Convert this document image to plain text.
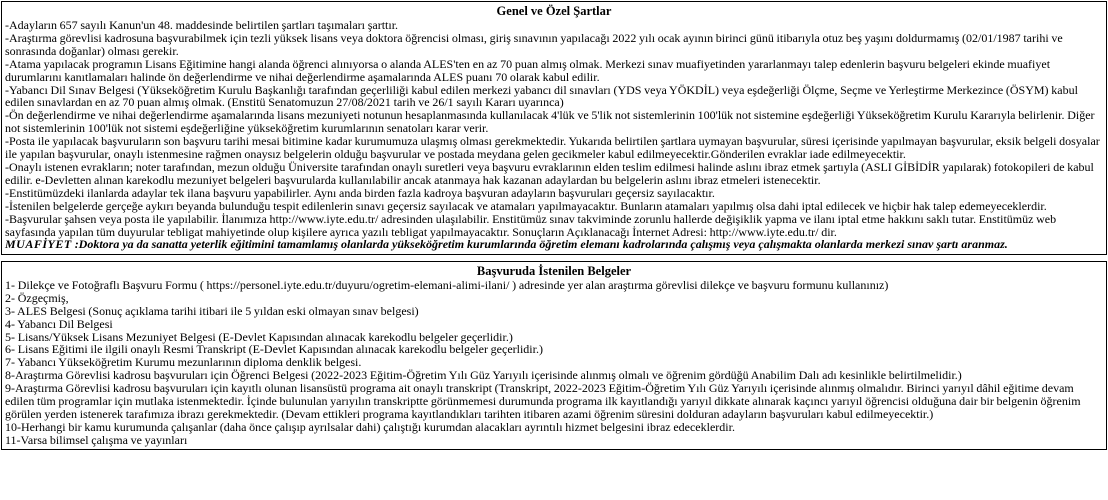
Genel ve Özel Şartlar

-Adayların 657 sayılı Kanun'un 48. maddesinde belirtilen şartları taşımaları şarttır.

-Araştırma görevlisi kadrosuna başvurabilmek için tezli yüksek lisans veya doktora öğrencisi olması, giriş sınavının yapılacağı 2022 yılı ocak ayının birinci günü itibarıyla otuz beş yaşını doldurmamış (02/01/1987 tarihi ve sonrasında doğanlar) olması gerekir.

-Atama yapılacak programın Lisans Eğitimine hangi alanda öğrenci alınıyorsa o alanda ALES'ten en az 70 puan almış olmak. Merkezi sınav muafiyetinden yararlanmayı talep edenlerin başvuru belgeleri ekinde muafiyet durumlarını kanıtlamaları halinde ön değerlendirme ve nihai değerlendirme aşamalarında ALES puanı 70 olarak kabul edilir.

-Yabancı Dil Sınav Belgesi (Yükseköğretim Kurulu Başkanlığı tarafından geçerliliği kabul edilen merkezi yabancı dil sınavları (YDS veya YÖKDİL) veya eşdeğerliği Ölçme, Seçme ve Yerleştirme Merkezince (ÖSYM) kabul edilen sınavlardan en az 70 puan almış olmak. (Enstitü Senatomuzun 27/08/2021 tarih ve 26/1 sayılı Kararı uyarınca)

-Ön değerlendirme ve nihai değerlendirme aşamalarında lisans mezuniyeti notunun hesaplanmasında kullanılacak 4'lük ve 5'lik not sistemlerinin 100'lük not sistemine eşdeğerliği Yükseköğretim Kurulu Kararıyla belirlenir. Diğer not sistemlerinin 100'lük not sistemi eşdeğerliğine yükseköğretim kurumlarının senatoları karar verir.

-Posta ile yapılacak başvuruların son başvuru tarihi mesai bitimine kadar kurumumuza ulaşmış olması gerekmektedir. Yukarıda belirtilen şartlara uymayan başvurular, süresi içerisinde yapılmayan başvurular, eksik belgeli dosyalar ile yapılan başvurular, onaylı istenmesine rağmen onaysız belgelerin olduğu başvurular ve postada meydana gelen gecikmeler kabul edilmeyecektir.Gönderilen evraklar iade edilmeyecektir.

-Onaylı istenen evrakların; noter tarafından, mezun olduğu Üniversite tarafından onaylı suretleri veya başvuru evraklarının elden teslim edilmesi halinde aslını ibraz etmek şartıyla (ASLI GİBİDİR yapılarak) fotokopileri de kabul edilir. e-Devletten alınan karekodlu mezuniyet belgeleri başvurularda kullanılabilir ancak atanmaya hak kazanan adaylardan bu belgelerin aslını ibraz etmeleri istenecektir.

-Enstitümüzdeki ilanlarda adaylar tek ilana başvuru yapabilirler. Aynı anda birden fazla kadroya başvuran adayların başvuruları geçersiz sayılacaktır.

-İstenilen belgelerde gerçeğe aykırı beyanda bulunduğu tespit edilenlerin sınavı geçersiz sayılacak ve atamaları yapılmayacaktır. Bunların atamaları yapılmış olsa dahi iptal edilecek ve hiçbir hak talep edemeyeceklerdir.

-Başvurular şahsen veya posta ile yapılabilir. İlanımıza http://www.iyte.edu.tr/ adresinden ulaşılabilir. Enstitümüz sınav takviminde zorunlu hallerde değişiklik yapma ve ilanı iptal etme hakkını saklı tutar. Enstitümüz web sayfasında yapılan tüm duyurular tebligat mahiyetinde olup kişilere ayrıca yazılı tebligat yapılmayacaktır. Sonuçların Açıklanacağı İnternet Adresi: http://www.iyte.edu.tr/ dir.

MUAFİYET :Doktora ya da sanatta yeterlik eğitimini tamamlamış olanlarda yükseköğretim kurumlarında öğretim elemanı kadrolarında çalışmış veya çalışmakta olanlarda merkezi sınav şartı aranmaz.

Başvuruda İstenilen Belgeler

1- Dilekçe ve Fotoğraflı Başvuru Formu ( https://personel.iyte.edu.tr/duyuru/ogretim-elemani-alimi-ilani/ ) adresinde yer alan araştırma görevlisi dilekçe ve başvuru formunu kullanınız)

2- Özgeçmiş,

3- ALES Belgesi (Sonuç açıklama tarihi itibari ile 5 yıldan eski olmayan sınav belgesi)

4- Yabancı Dil Belgesi

5- Lisans/Yüksek Lisans Mezuniyet Belgesi (E-Devlet Kapısından alınacak karekodlu belgeler geçerlidir.)

6- Lisans Eğitimi ile ilgili onaylı Resmi Transkript (E-Devlet Kapısından alınacak karekodlu belgeler geçerlidir.)

7- Yabancı Yükseköğretim Kurumu mezunlarının diploma denklik belgesi.

8-Araştırma Görevlisi kadrosu başvuruları için Öğrenci Belgesi (2022-2023 Eğitim-Öğretim Yılı Güz Yarıyılı içerisinde alınmış olmalı ve öğrenim gördüğü Anabilim Dalı adı kesinlikle belirtilmelidir.)

9-Araştırma Görevlisi kadrosu başvuruları için kayıtlı olunan lisansüstü programa ait onaylı transkript (Transkript, 2022-2023 Eğitim-Öğretim Yılı Güz Yarıyılı içerisinde alınmış olmalıdır. Birinci yarıyıl dâhil eğitime devam edilen tüm programlar için mutlaka istenmektedir. İçinde bulunulan yarıyılın transkriptte görünmemesi durumunda programa ilk kayıtlandığı yarıyıl dikkate alınarak kaçıncı yarıyıl öğrencisi olduğuna dair bir belgenin öğrenim görülen yerden istenerek tarafımıza ibrazı gerekmektedir. (Devam ettikleri programa kayıtlandıkları tarihten itibaren azami öğrenim süresini dolduran adayların başvuruları kabul edilmeyecektir.)

10-Herhangi bir kamu kurumunda çalışanlar (daha önce çalışıp ayrılsalar dahi) çalıştığı kurumdan alacakları ayrıntılı hizmet belgesini ibraz edeceklerdir.

11-Varsa bilimsel çalışma ve yayınları
